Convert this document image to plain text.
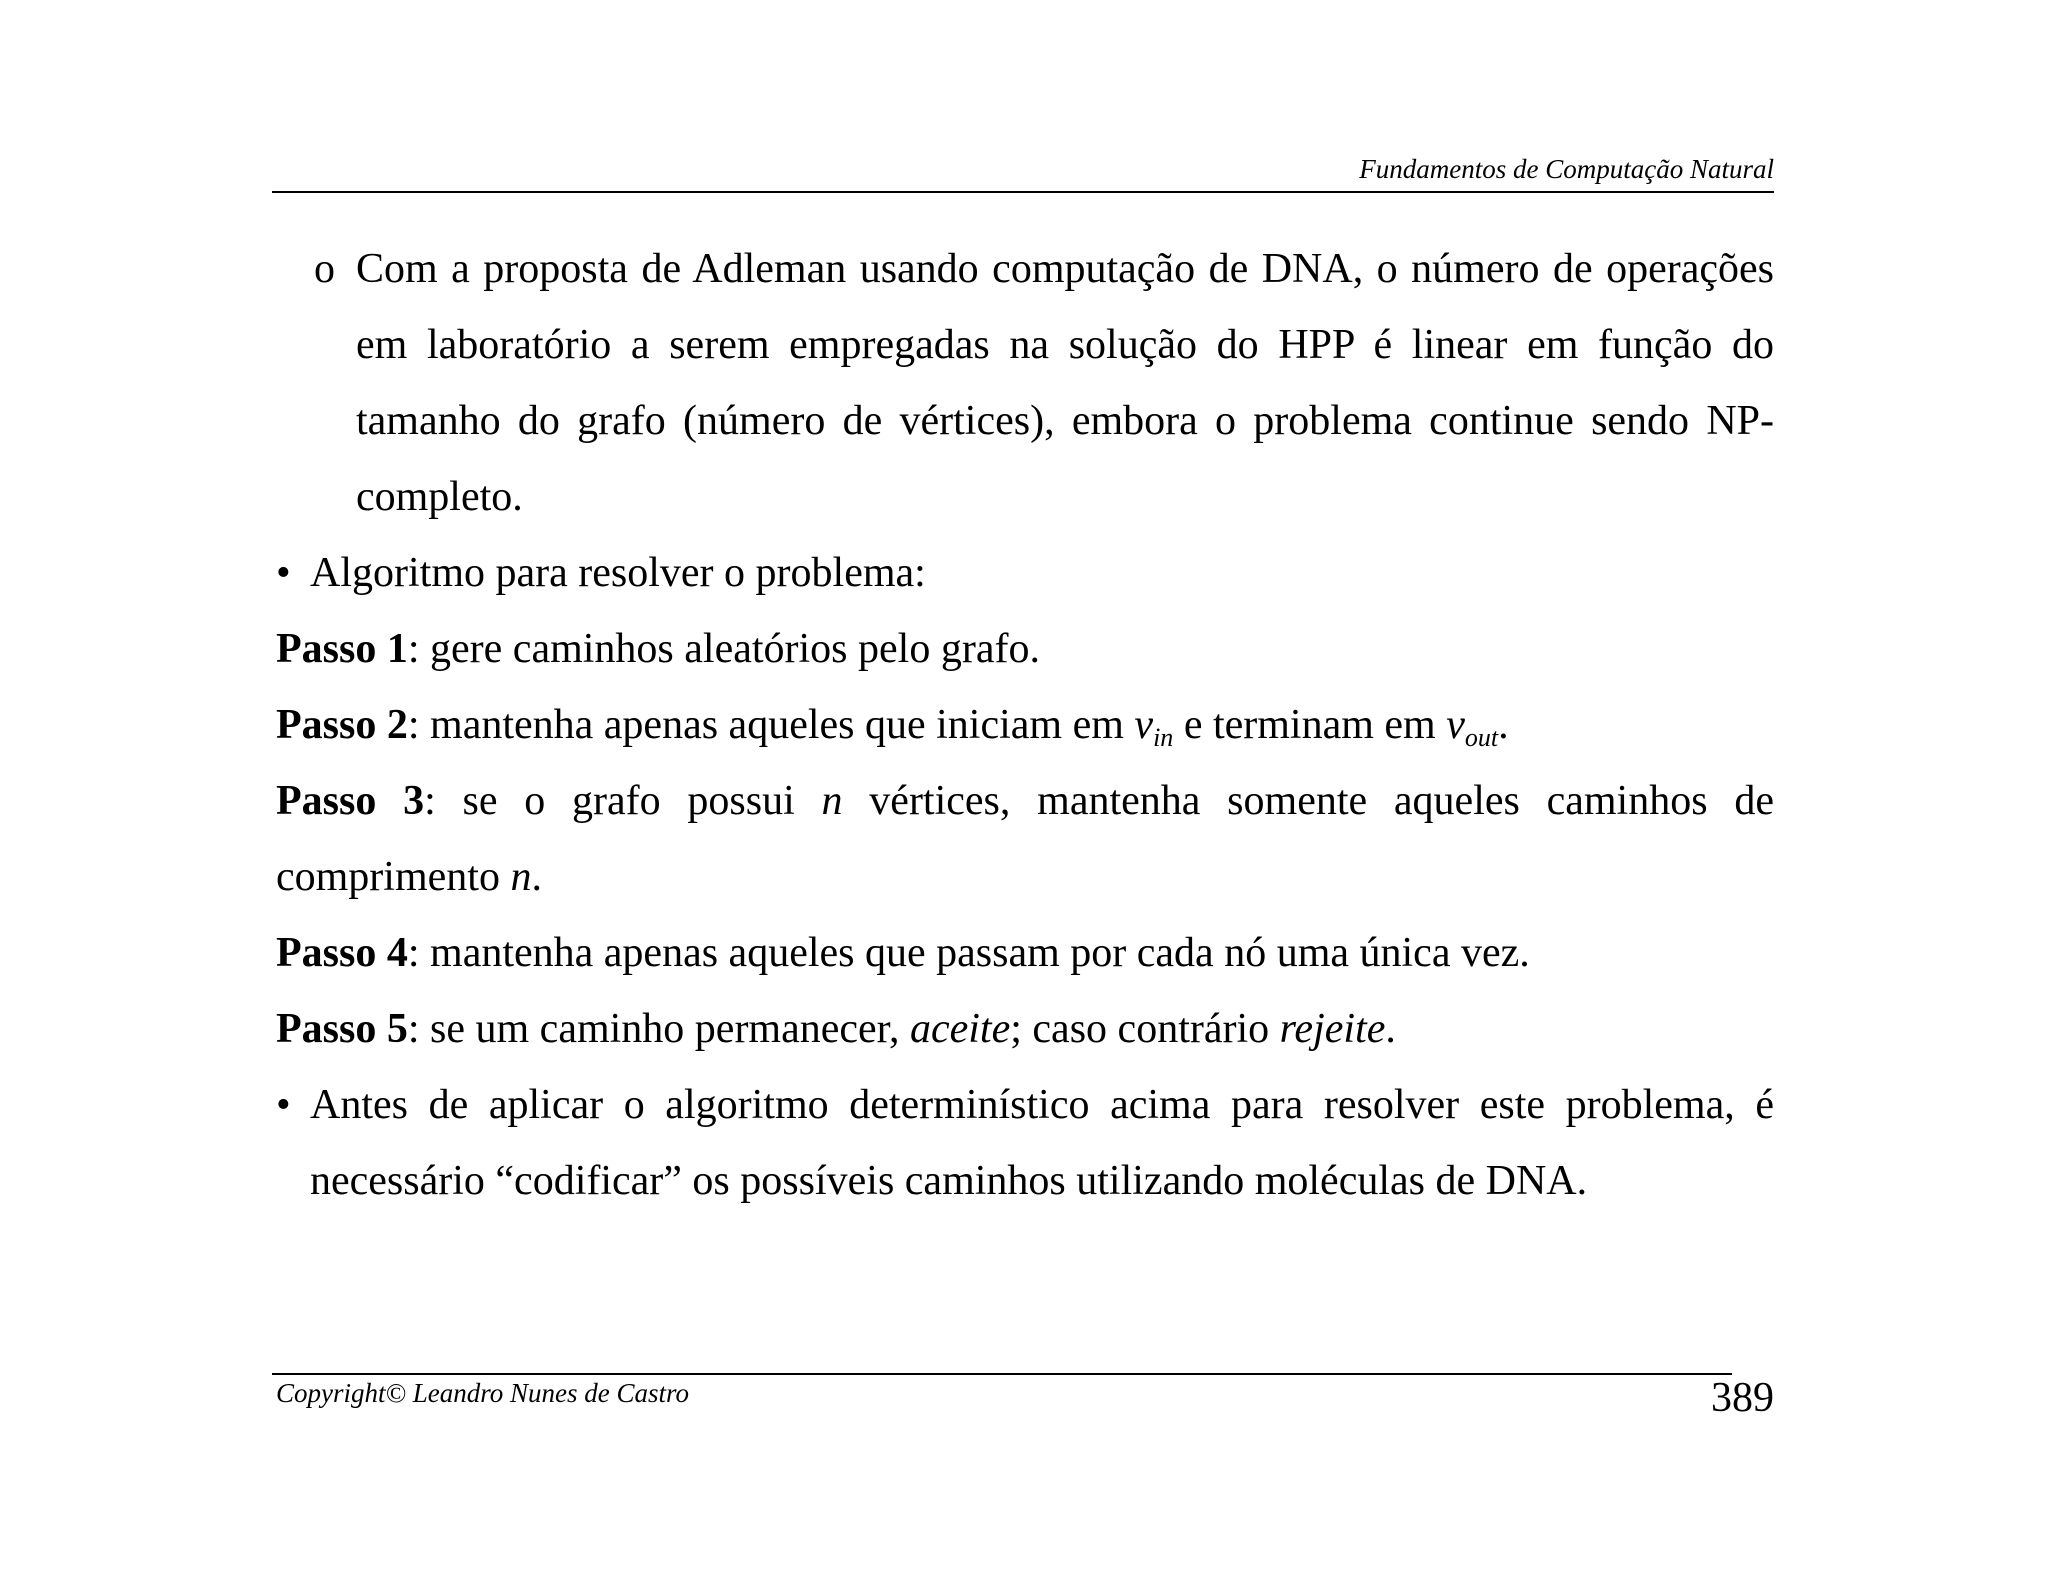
Fundamentos de Computação Natural

o Com a proposta de Adleman usando computação de DNA, o número de operações em laboratório a serem empregadas na solução do HPP é linear em função do tamanho do grafo (número de vértices), embora o problema continue sendo NP-completo.

• Algoritmo para resolver o problema:

Passo 1: gere caminhos aleatórios pelo grafo.

Passo 2: mantenha apenas aqueles que iniciam em $v_{in}$ e terminam em $v_{out}$.

Passo 3: se o grafo possui n vértices, mantenha somente aqueles caminhos de comprimento n.

Passo 4: mantenha apenas aqueles que passam por cada nó uma única vez.

Passo 5: se um caminho permanecer, aceite; caso contrário rejeite.

• Antes de aplicar o algoritmo determinístico acima para resolver este problema, é necessário “codificar” os possíveis caminhos utilizando moléculas de DNA.

Copyright© Leandro Nunes de Castro	389
